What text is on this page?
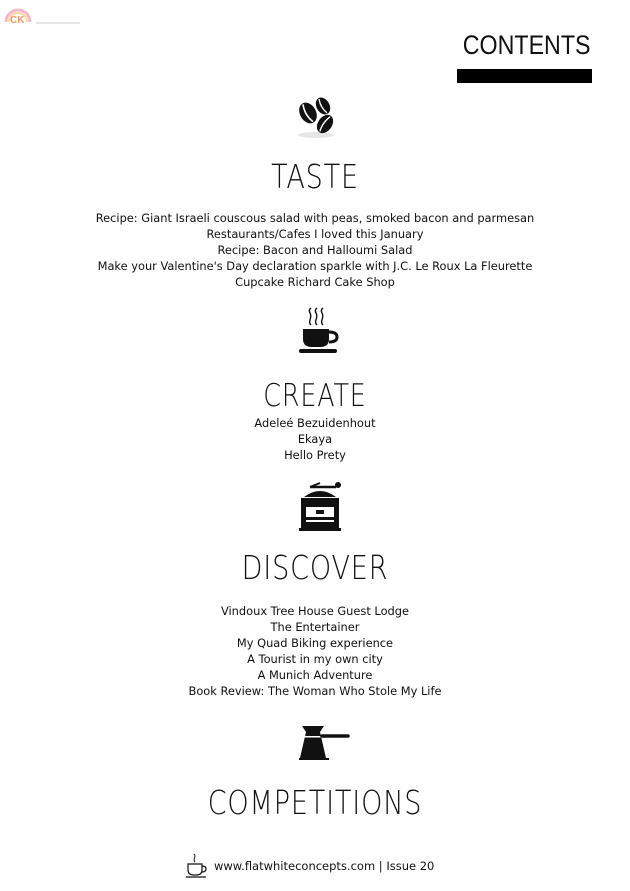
CK
CONTENTS
TASTE
Recipe: Giant Israeli couscous salad with peas, smoked bacon and parmesan
Restaurants/Cafes I loved this January
Recipe: Bacon and Halloumi Salad
Make your Valentine's Day declaration sparkle with J.C. Le Roux La Fleurette
Cupcake Richard Cake Shop
CREATE
Adeleé Bezuidenhout
Ekaya
Hello Prety
DISCOVER
Vindoux Tree House Guest Lodge
The Entertainer
My Quad Biking experience
A Tourist in my own city
A Munich Adventure
Book Review: The Woman Who Stole My Life
COMPETITIONS
www.flatwhiteconcepts.com | Issue 20
